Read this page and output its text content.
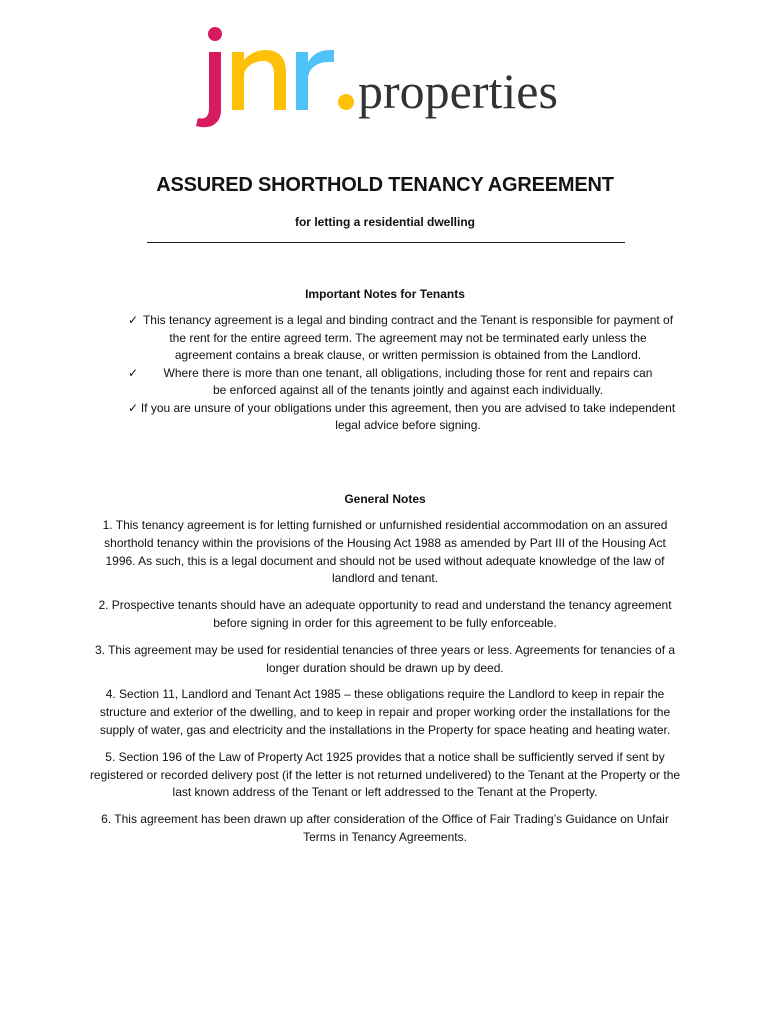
properties
ASSURED SHORTHOLD TENANCY AGREEMENT
for letting a residential dwelling
Important Notes for Tenants
✓ This tenancy agreement is a legal and binding contract and the Tenant is responsible for payment of the rent for the entire agreed term. The agreement may not be terminated early unless the agreement contains a break clause, or written permission is obtained from the Landlord.
✓	Where there is more than one tenant, all obligations, including those for rent and repairs can be enforced against all of the tenants jointly and against each individually.
✓ If you are unsure of your obligations under this agreement, then you are advised to take independent legal advice before signing.
General Notes

1. This tenancy agreement is for letting furnished or unfurnished residential accommodation on an assured shorthold tenancy within the provisions of the Housing Act 1988 as amended by Part III of the Housing Act 1996. As such, this is a legal document and should not be used without adequate knowledge of the law of landlord and tenant.

2. Prospective tenants should have an adequate opportunity to read and understand the tenancy agreement before signing in order for this agreement to be fully enforceable.

3. This agreement may be used for residential tenancies of three years or less. Agreements for tenancies of a longer duration should be drawn up by deed.

4. Section 11, Landlord and Tenant Act 1985 – these obligations require the Landlord to keep in repair the structure and exterior of the dwelling, and to keep in repair and proper working order the installations for the supply of water, gas and electricity and the installations in the Property for space heating and heating water.

5. Section 196 of the Law of Property Act 1925 provides that a notice shall be sufficiently served if sent by registered or recorded delivery post (if the letter is not returned undelivered) to the Tenant at the Property or the last known address of the Tenant or left addressed to the Tenant at the Property.

6. This agreement has been drawn up after consideration of the Office of Fair Trading’s Guidance on Unfair Terms in Tenancy Agreements.
